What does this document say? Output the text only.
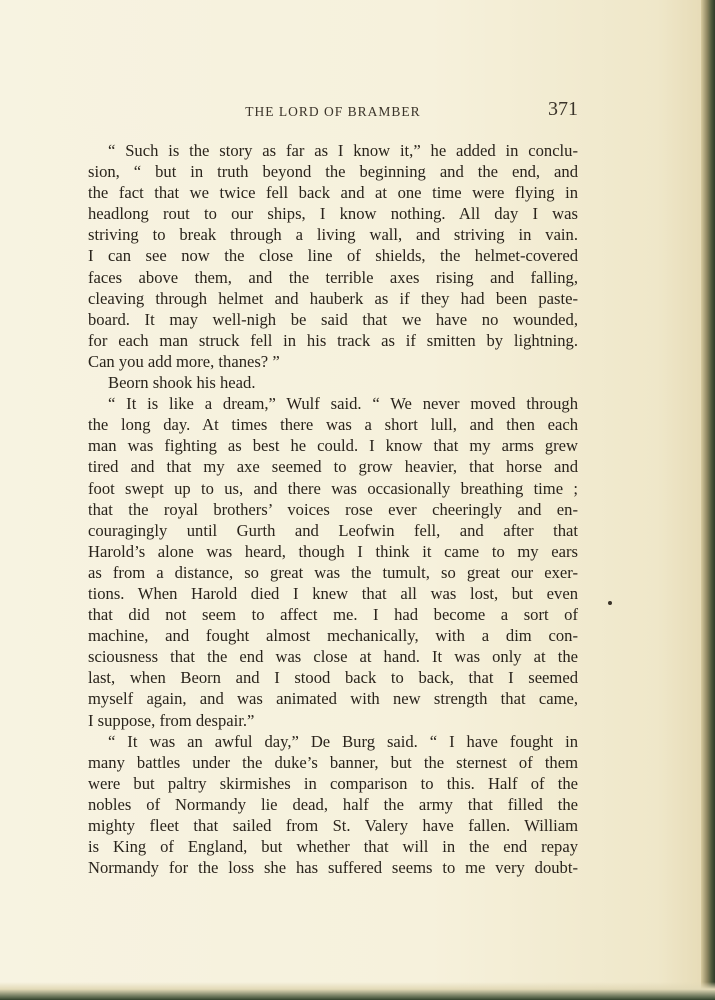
THE LORD OF BRAMBER	371
“ Such is the story as far as I know it,” he added in conclu-
sion, “ but in truth beyond the beginning and the end, and
the fact that we twice fell back and at one time were flying in
headlong rout to our ships, I know nothing. All day I was
striving to break through a living wall, and striving in vain.
I can see now the close line of shields, the helmet-covered
faces above them, and the terrible axes rising and falling,
cleaving through helmet and hauberk as if they had been paste-
board. It may well-nigh be said that we have no wounded,
for each man struck fell in his track as if smitten by lightning.
Can you add more, thanes? ”
Beorn shook his head.
“ It is like a dream,” Wulf said. “ We never moved through
the long day. At times there was a short lull, and then each
man was fighting as best he could. I know that my arms grew
tired and that my axe seemed to grow heavier, that horse and
foot swept up to us, and there was occasionally breathing time ;
that the royal brothers’ voices rose ever cheeringly and en-
couragingly until Gurth and Leofwin fell, and after that
Harold’s alone was heard, though I think it came to my ears
as from a distance, so great was the tumult, so great our exer-
tions. When Harold died I knew that all was lost, but even
that did not seem to affect me. I had become a sort of
machine, and fought almost mechanically, with a dim con-
sciousness that the end was close at hand. It was only at the
last, when Beorn and I stood back to back, that I seemed
myself again, and was animated with new strength that came,
I suppose, from despair.”
“ It was an awful day,” De Burg said. “ I have fought in
many battles under the duke’s banner, but the sternest of them
were but paltry skirmishes in comparison to this. Half of the
nobles of Normandy lie dead, half the army that filled the
mighty fleet that sailed from St. Valery have fallen. William
is King of England, but whether that will in the end repay
Normandy for the loss she has suffered seems to me very doubt-
